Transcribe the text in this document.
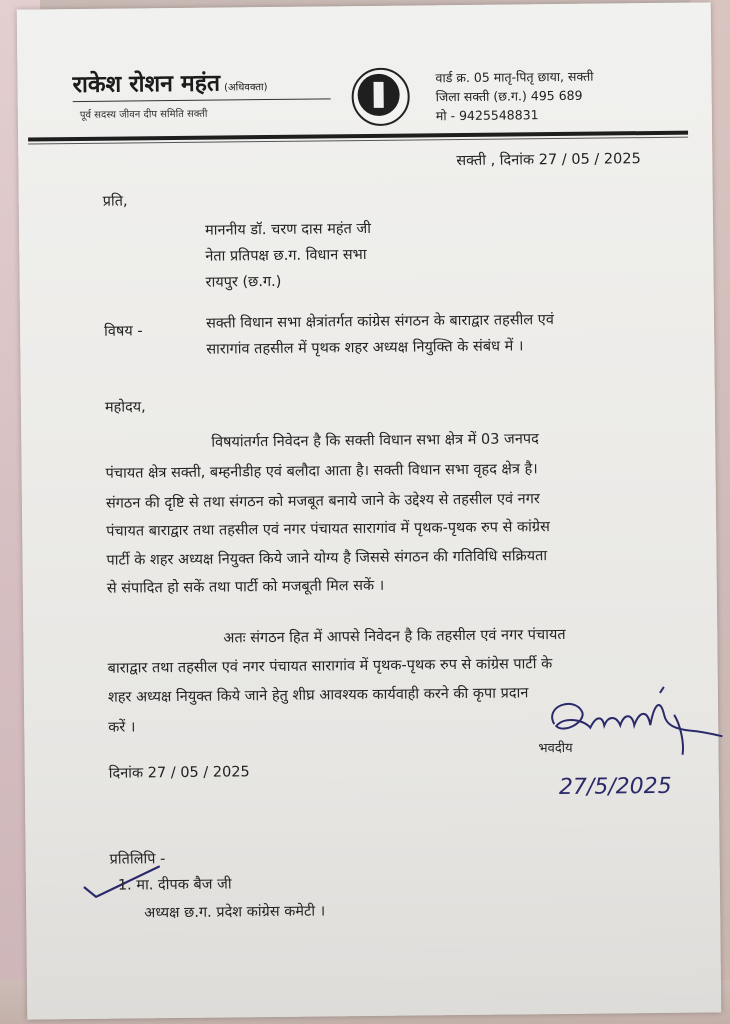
राकेश रोशन महंत (अधिवक्ता)
पूर्व सदस्य जीवन दीप समिति सक्ती
वार्ड क्र. 05 मातृ-पितृ छाया, सक्ती
जिला सक्ती (छ.ग.) 495 689
मो - 9425548831
सक्ती , दिनांक 27 / 05 / 2025
प्रति,
माननीय डॉ. चरण दास महंत जी
नेता प्रतिपक्ष छ.ग. विधान सभा
रायपुर (छ.ग.)
विषय -	सक्ती विधान सभा क्षेत्रांतर्गत कांग्रेस संगठन के बाराद्वार तहसील एवं
सारागांव तहसील में पृथक शहर अध्यक्ष नियुक्ति के संबंध में ।
महोदय,
विषयांतर्गत निवेदन है कि सक्ती विधान सभा क्षेत्र में 03 जनपद
पंचायत क्षेत्र सक्ती, बम्हनीडीह एवं बलौदा आता है। सक्ती विधान सभा वृहद क्षेत्र है।
संगठन की दृष्टि से तथा संगठन को मजबूत बनाये जाने के उद्देश्य से तहसील एवं नगर
पंचायत बाराद्वार तथा तहसील एवं नगर पंचायत सारागांव में पृथक-पृथक रुप से कांग्रेस
पार्टी के शहर अध्यक्ष नियुक्त किये जाने योग्य है जिससे संगठन की गतिविधि सक्रियता
से संपादित हो सकें तथा पार्टी को मजबूती मिल सकें ।
अतः संगठन हित में आपसे निवेदन है कि तहसील एवं नगर पंचायत
बाराद्वार तथा तहसील एवं नगर पंचायत सारागांव में पृथक-पृथक रुप से कांग्रेस पार्टी के
शहर अध्यक्ष नियुक्त किये जाने हेतु शीघ्र आवश्यक कार्यवाही करने की कृपा प्रदान
करें ।
27/5/2025
भवदीय
दिनांक 27 / 05 / 2025
प्रतिलिपि -
1. मा. दीपक बैज जी
अध्यक्ष छ.ग. प्रदेश कांग्रेस कमेटी ।
